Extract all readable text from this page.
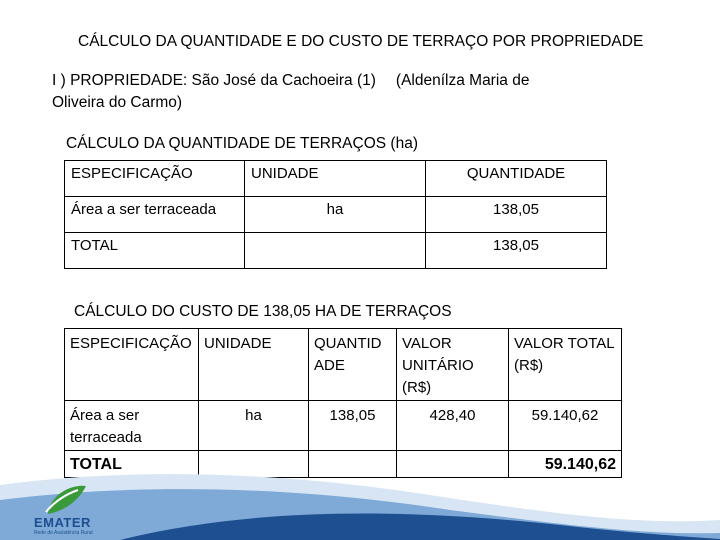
CÁLCULO DA QUANTIDADE E DO CUSTO DE TERRAÇO POR PROPRIEDADE
I ) PROPRIEDADE: São José da Cachoeira (1) (Aldenílza Maria de
Oliveira do Carmo)
CÁLCULO DA QUANTIDADE DE TERRAÇOS (ha)
ESPECIFICAÇÃO	UNIDADE	QUANTIDADE
Área a ser terraceada	ha	138,05
TOTAL		138,05
CÁLCULO DO CUSTO DE 138,05 HA DE TERRAÇOS
ESPECIFICAÇÃO	UNIDADE	QUANTID ADE	VALOR UNITÁRIO (R$)	VALOR TOTAL (R$)
Área a ser terraceada	ha	138,05	428,40	59.140,62
TOTAL				59.140,62
EMATER
Rede de Assistência Rural
